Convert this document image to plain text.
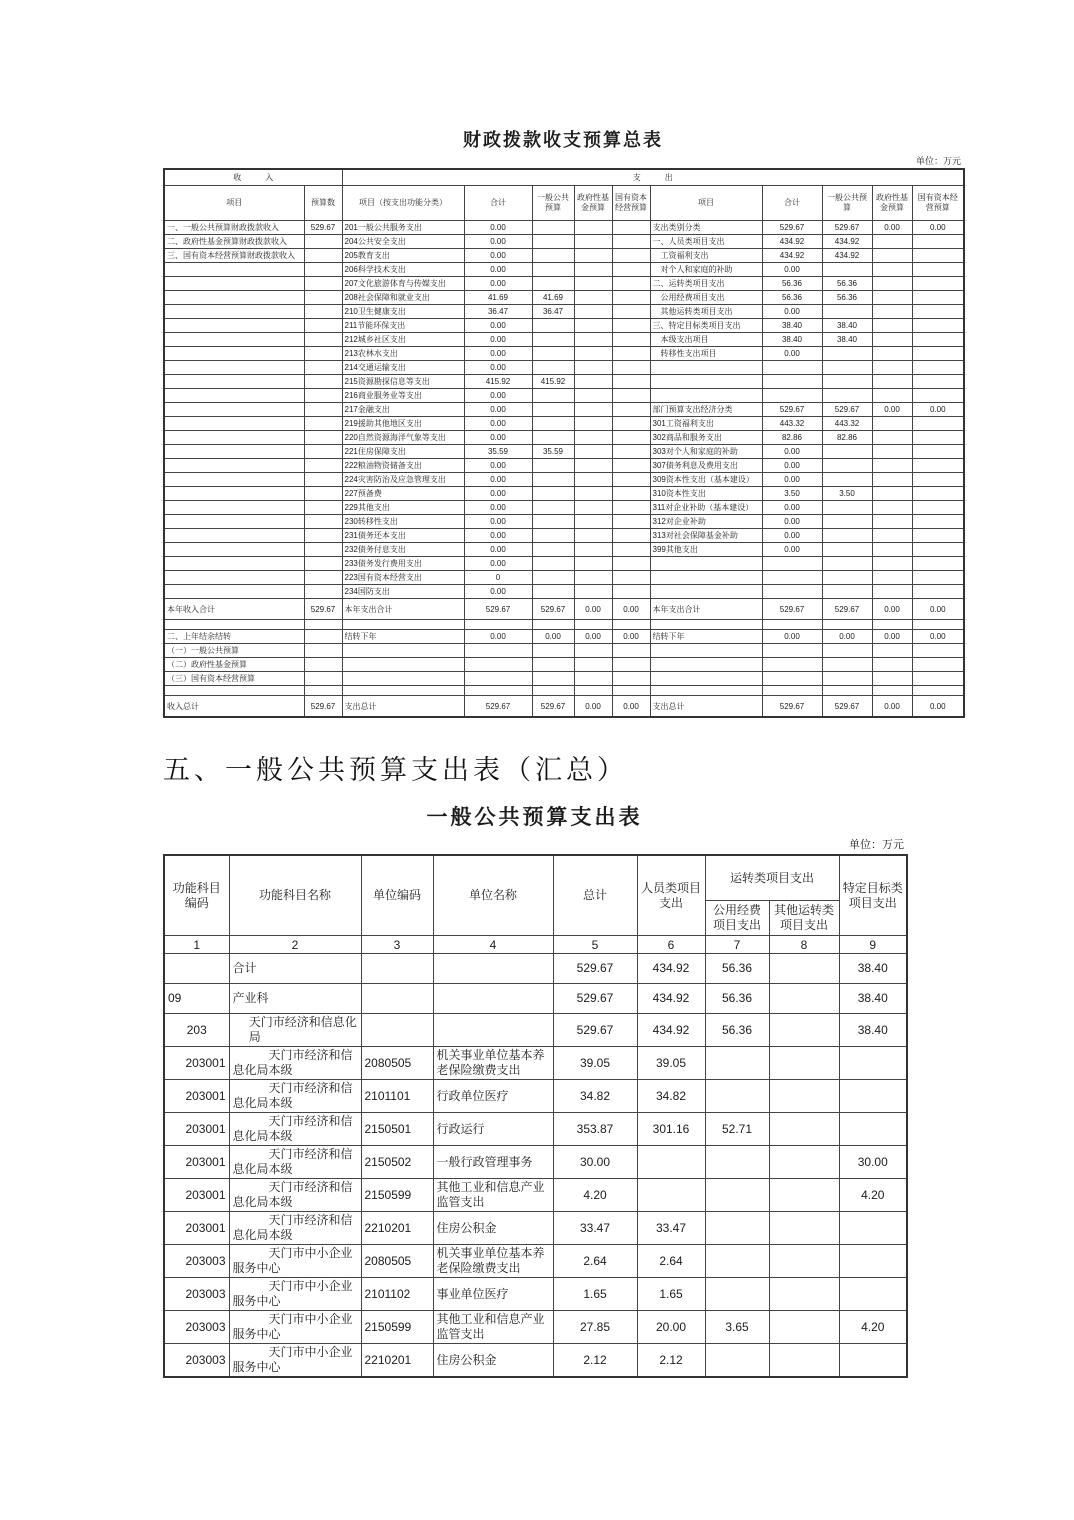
财政拨款收支预算总表
单位：万元
收　　　入		支　　　出									
项目	预算数	项目（按支出功能分类）	合计	一般公共预算	政府性基金预算	国有资本经营预算	项目	合计	一般公共预算	政府性基金预算	国有资本经营预算
一、一般公共预算财政拨款收入	529.67	201一般公共服务支出	0.00				支出类别分类	529.67	529.67	0.00	0.00
二、政府性基金预算财政拨款收入		204公共安全支出	0.00				一、人员类项目支出	434.92	434.92		
三、国有资本经营预算财政拨款收入		205教育支出	0.00				　工资福利支出	434.92	434.92		
		206科学技术支出	0.00				　对个人和家庭的补助	0.00			
		207文化旅游体育与传媒支出	0.00				二、运转类项目支出	56.36	56.36		
		208社会保障和就业支出	41.69	41.69			　公用经费项目支出	56.36	56.36		
		210卫生健康支出	36.47	36.47			　其他运转类项目支出	0.00			
		211节能环保支出	0.00				三、特定目标类项目支出	38.40	38.40		
		212城乡社区支出	0.00				　本级支出项目	38.40	38.40		
		213农林水支出	0.00				　转移性支出项目	0.00			
		214交通运输支出	0.00								
		215资源勘探信息等支出	415.92	415.92							
		216商业服务业等支出	0.00								
		217金融支出	0.00				部门预算支出经济分类	529.67	529.67	0.00	0.00
		219援助其他地区支出	0.00				301工资福利支出	443.32	443.32		
		220自然资源海洋气象等支出	0.00				302商品和服务支出	82.86	82.86		
		221住房保障支出	35.59	35.59			303对个人和家庭的补助	0.00			
		222粮油物资储备支出	0.00				307债务利息及费用支出	0.00			
		224灾害防治及应急管理支出	0.00				309资本性支出（基本建设）	0.00			
		227预备费	0.00				310资本性支出	3.50	3.50		
		229其他支出	0.00				311对企业补助（基本建设）	0.00			
		230转移性支出	0.00				312对企业补助	0.00			
		231债务还本支出	0.00				313对社会保障基金补助	0.00			
		232债务付息支出	0.00				399其他支出	0.00			
		233债务发行费用支出	0.00								
		223国有资本经营支出	0								
		234国防支出	0.00								
本年收入合计	529.67	本年支出合计	529.67	529.67	0.00	0.00	本年支出合计	529.67	529.67	0.00	0.00

二、上年结余结转		结转下年	0.00	0.00	0.00	0.00	结转下年	0.00	0.00	0.00	0.00
（一）一般公共预算											
（二）政府性基金预算											
（三）国有资本经营预算											

收入总计	529.67	支出总计	529.67	529.67	0.00	0.00	支出总计	529.67	529.67	0.00	0.00
五、一般公共预算支出表（汇总）
一般公共预算支出表
单位：万元
功能科目编码	功能科目名称	单位编码	单位名称	总计	人员类项目支出	运转类项目支出		特定目标类项目支出
						公用经费项目支出	其他运转类项目支出	
1	2	3	4	5	6	7	8	9
	合计			529.67	434.92	56.36		38.40
09	产业科			529.67	434.92	56.36		38.40
203	天门市经济和信息化局			529.67	434.92	56.36		38.40
203001	天门市经济和信息化局本级	2080505	机关事业单位基本养老保险缴费支出	39.05	39.05			
203001	天门市经济和信息化局本级	2101101	行政单位医疗	34.82	34.82			
203001	天门市经济和信息化局本级	2150501	行政运行	353.87	301.16	52.71		
203001	天门市经济和信息化局本级	2150502	一般行政管理事务	30.00				30.00
203001	天门市经济和信息化局本级	2150599	其他工业和信息产业监管支出	4.20				4.20
203001	天门市经济和信息化局本级	2210201	住房公积金	33.47	33.47			
203003	天门市中小企业服务中心	2080505	机关事业单位基本养老保险缴费支出	2.64	2.64			
203003	天门市中小企业服务中心	2101102	事业单位医疗	1.65	1.65			
203003	天门市中小企业服务中心	2150599	其他工业和信息产业监管支出	27.85	20.00	3.65		4.20
203003	天门市中小企业服务中心	2210201	住房公积金	2.12	2.12			
